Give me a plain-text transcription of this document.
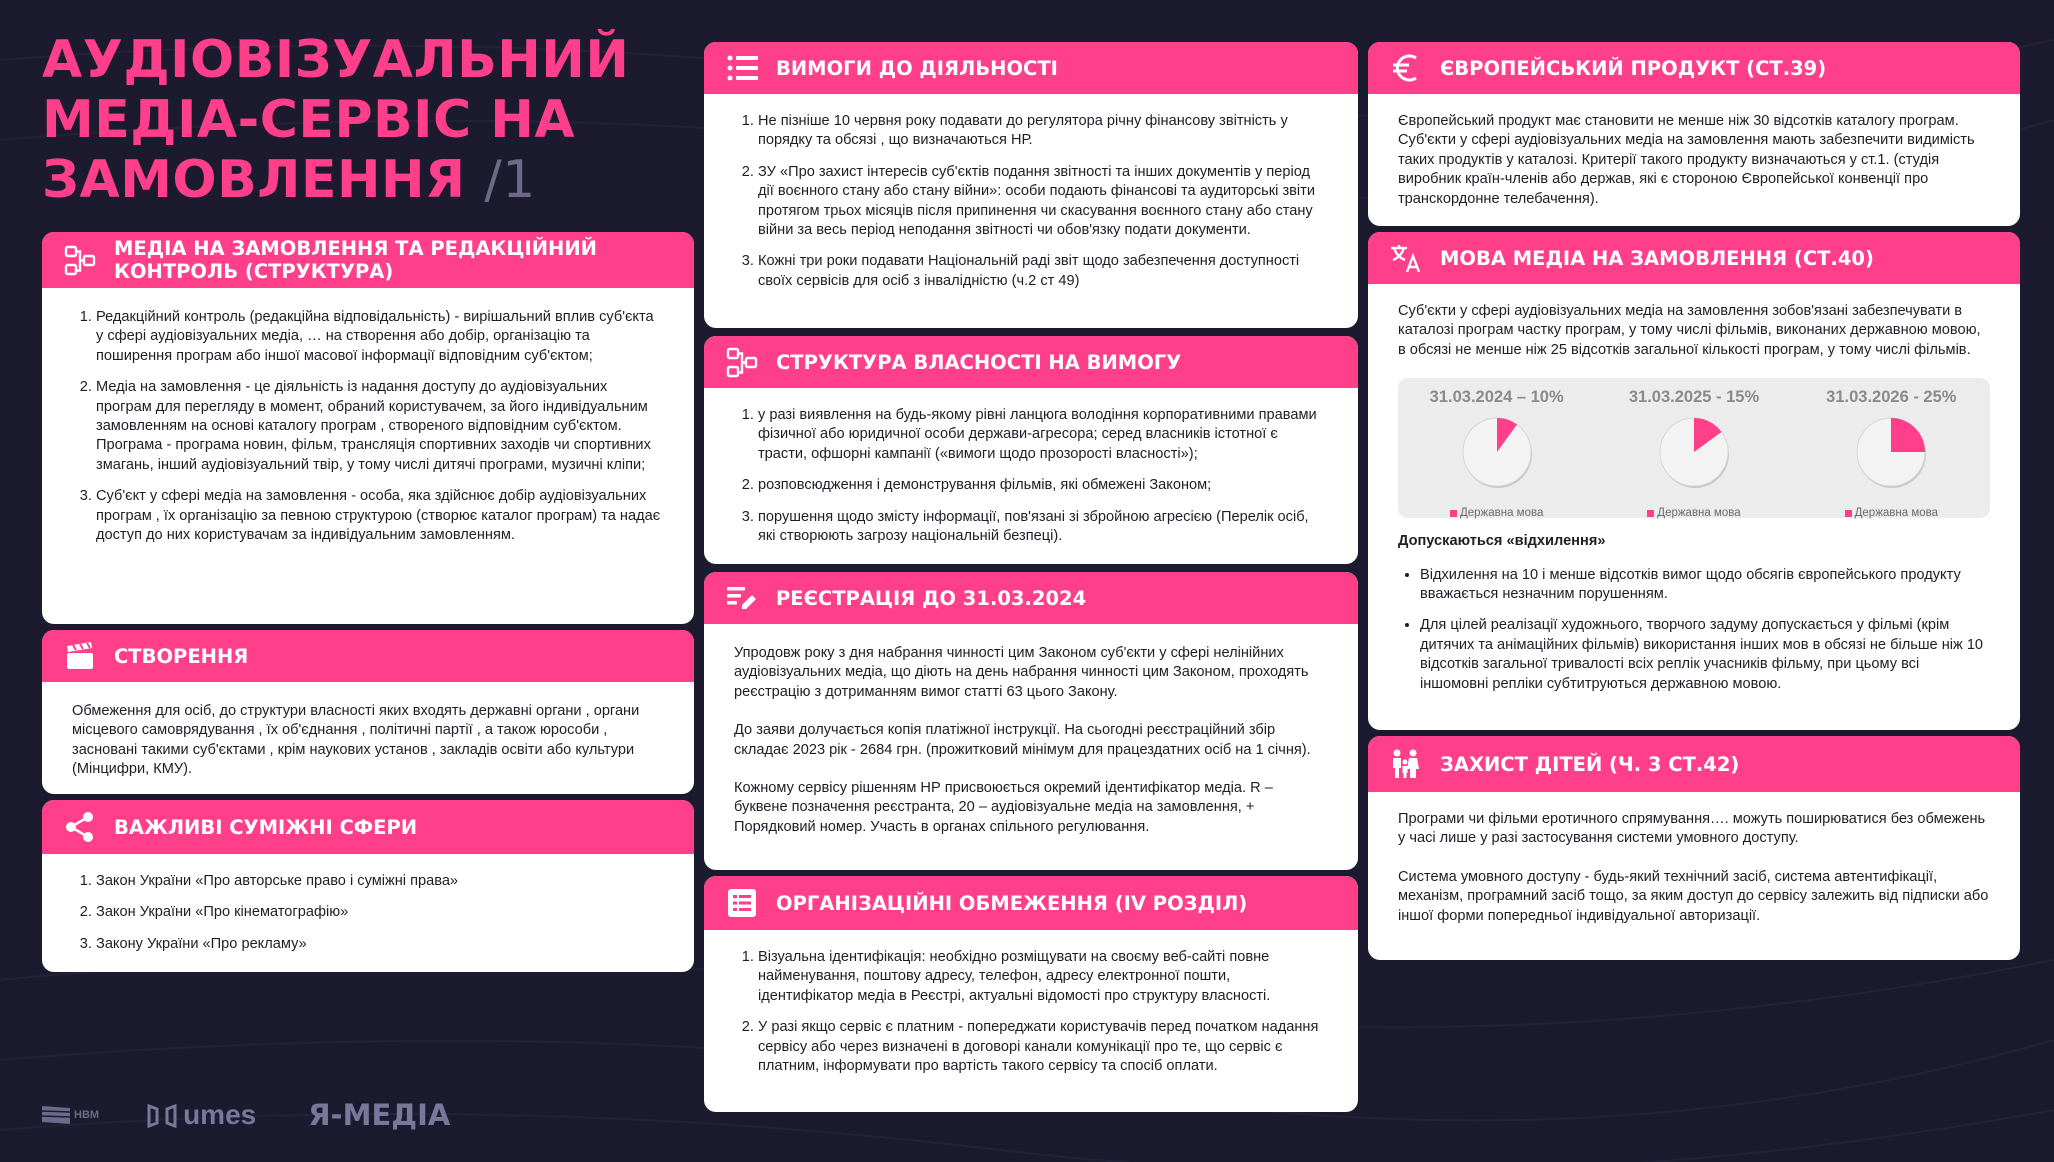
АУДІОВІЗУАЛЬНИЙ
МЕДІА-СЕРВІС НА
ЗАМОВЛЕННЯ /1
МЕДІА НА ЗАМОВЛЕННЯ ТА РЕДАКЦІЙНИЙ КОНТРОЛЬ (СТРУКТУРА)
1. Редакційний контроль (редакційна відповідальність) - вирішальний вплив суб'єкта у сфері аудіовізуальних медіа, … на створення або добір, організацію та поширення програм або іншої масової інформації відповідним суб'єктом;
2. Медіа на замовлення - це діяльність із надання доступу до аудіовізуальних програм для перегляду в момент, обраний користувачем, за його індивідуальним замовленням на основі каталогу програм , створеного відповідним суб'єктом. Програма - програма новин, фільм, трансляція спортивних заходів чи спортивних змагань, інший аудіовізуальний твір, у тому числі дитячі програми, музичні кліпи;
3. Суб'єкт у сфері медіа на замовлення - особа, яка здійснює добір аудіовізуальних програм , їх організацію за певною структурою (створює каталог програм) та надає доступ до них користувачам за індивідуальним замовленням.
СТВОРЕННЯ

Обмеження для осіб, до структури власності яких входять державні органи , органи місцевого самоврядування , їх об'єднання , політичні партії , а також юрособи , засновані такими суб'єктами , крім наукових установ , закладів освіти або культури (Мінцифри, КМУ).

ВАЖЛИВІ СУМІЖНІ СФЕРИ
1. Закон України «Про авторське право і суміжні права»
2. Закон України «Про кінематографію»
3. Закону України «Про рекламу»
ВИМОГИ ДО ДІЯЛЬНОСТІ
1. Не пізніше 10 червня року подавати до регулятора річну фінансову звітність у порядку та обсязі , що визначаються НР.
2. ЗУ «Про захист інтересів суб'єктів подання звітності та інших документів у період дії воєнного стану або стану війни»: особи подають фінансові та аудиторські звіти протягом трьох місяців після припинення чи скасування воєнного стану або стану війни за весь період неподання звітності чи обов'язку подати документи.
3. Кожні три роки подавати Національній раді звіт щодо забезпечення доступності своїх сервісів для осіб з інвалідністю (ч.2 ст 49)
СТРУКТУРА ВЛАСНОСТІ НА ВИМОГУ
1. у разі виявлення на будь-якому рівні ланцюга володіння корпоративними правами фізичної або юридичної особи держави-агресора; серед власників істотної є трасти, офшорні кампанії («вимоги щодо прозорості власності»);
2. розповсюдження і демонстрування фільмів, які обмежені Законом;
3. порушення щодо змісту інформації, пов'язані зі збройною агресією (Перелік осіб, які створюють загрозу національній безпеці).
РЕЄСТРАЦІЯ ДО 31.03.2024

Упродовж року з дня набрання чинності цим Законом суб'єкти у сфері нелінійних аудіовізуальних медіа, що діють на день набрання чинності цим Законом, проходять реєстрацію з дотриманням вимог статті 63 цього Закону.

До заяви долучається копія платіжної інструкції. На сьогодні реєстраційний збір складає 2023 рік - 2684 грн. (прожитковий мінімум для працездатних осіб на 1 січня).

Кожному сервісу рішенням НР присвоюється окремий ідентифікатор медіа. R – буквене позначення реєстранта, 20 – аудіовізуальне медіа на замовлення, + Порядковий номер. Участь в органах спільного регулювання.

ОРГАНІЗАЦІЙНІ ОБМЕЖЕННЯ (IV РОЗДІЛ)
1. Візуальна ідентифікація: необхідно розміщувати на своєму веб-сайті повне найменування, поштову адресу, телефон, адресу електронної пошти, ідентифікатор медіа в Реєстрі, актуальні відомості про структуру власності.
2. У разі якщо сервіс є платним - попереджати користувачів перед початком надання сервісу або через визначені в договорі канали комунікації про те, що сервіс є платним, інформувати про вартість такого сервісу та спосіб оплати.
ЄВРОПЕЙСЬКИЙ ПРОДУКТ (СТ.39)

Європейський продукт має становити не менше ніж 30 відсотків каталогу програм. Суб'єкти у сфері аудіовізуальних медіа на замовлення мають забезпечити видимість таких продуктів у каталозі. Критерії такого продукту визначаються у ст.1. (студія виробник країн-членів або держав, які є стороною Європейської конвенції про транскордонне телебачення).

МОВА МЕДІА НА ЗАМОВЛЕННЯ (СТ.40)

Суб'єкти у сфері аудіовізуальних медіа на замовлення зобов'язані забезпечувати в каталозі програм частку програм, у тому числі фільмів, виконаних державною мовою, в обсязі не менше ніж 25 відсотків загальної кількості програм, у тому числі фільмів.

31.03.2024 – 10%
Державна мова
31.03.2025 - 15%
Державна мова
31.03.2026 - 25%
Державна мова
Допускаються «відхилення»
• Відхилення на 10 і менше відсотків вимог щодо обсягів європейського продукту вважається незначним порушенням.
• Для цілей реалізації художнього, творчого задуму допускається у фільмі (крім дитячих та анімаційних фільмів) використання інших мов в обсязі не більше ніж 10 відсотків загальної тривалості всіх реплік учасників фільму, при цьому всі іншомовні репліки субтитруються державною мовою.
ЗАХИСТ ДІТЕЙ (Ч. 3 СТ.42)

Програми чи фільми еротичного спрямування…. можуть поширюватися без обмежень у часі лише у разі застосування системи умовного доступу.

Система умовного доступу - будь-який технічний засіб, система автентифікації, механізм, програмний засіб тощо, за яким доступ до сервісу залежить від підписки або іншої форми попередньої індивідуальної авторизації.

НВМ	umes Я-МЕДІА
